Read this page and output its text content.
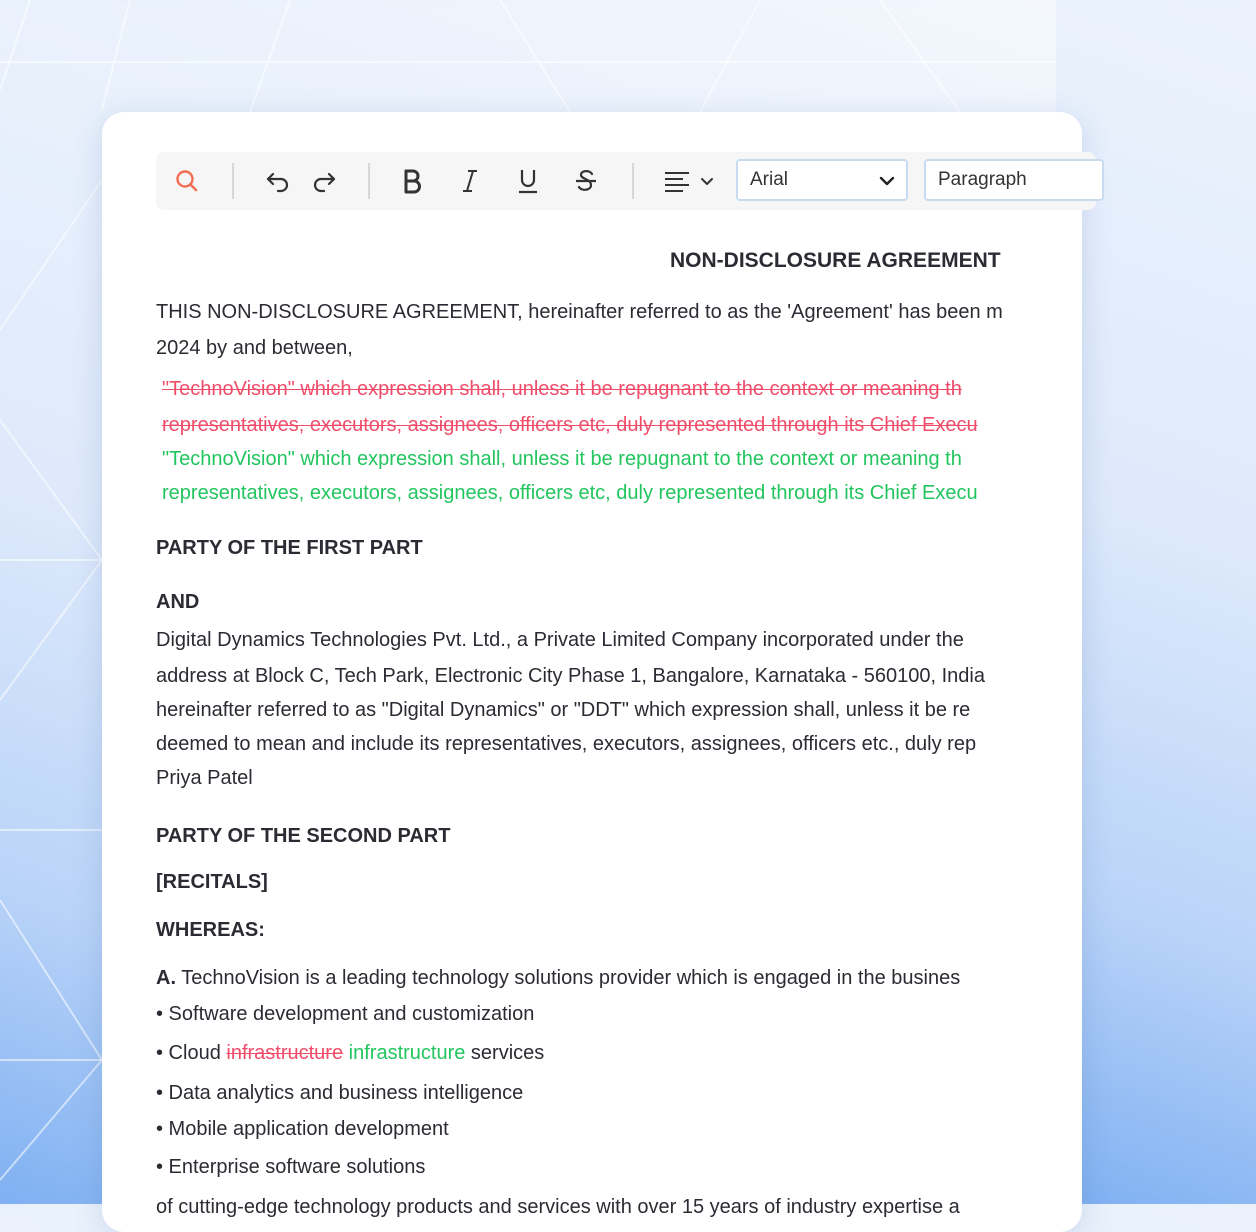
Arial	Paragraph
NON-DISCLOSURE AGREEMENT
THIS NON-DISCLOSURE AGREEMENT, hereinafter referred to as the 'Agreement' has been m
2024 by and between,
"TechnoVision" which expression shall, unless it be repugnant to the context or meaning th
representatives, executors, assignees, officers etc, duly represented through its Chief Execu
"TechnoVision" which expression shall, unless it be repugnant to the context or meaning th
representatives, executors, assignees, officers etc, duly represented through its Chief Execu
PARTY OF THE FIRST PART
AND
Digital Dynamics Technologies Pvt. Ltd., a Private Limited Company incorporated under the
address at Block C, Tech Park, Electronic City Phase 1, Bangalore, Karnataka - 560100, India
hereinafter referred to as "Digital Dynamics" or "DDT" which expression shall, unless it be re
deemed to mean and include its representatives, executors, assignees, officers etc., duly rep
Priya Patel
PARTY OF THE SECOND PART
[RECITALS]
WHEREAS:
A. TechnoVision is a leading technology solutions provider which is engaged in the busines
• Software development and customization
• Cloud infrastructure infrastructure services
• Data analytics and business intelligence
• Mobile application development
• Enterprise software solutions
of cutting-edge technology products and services with over 15 years of industry expertise a
